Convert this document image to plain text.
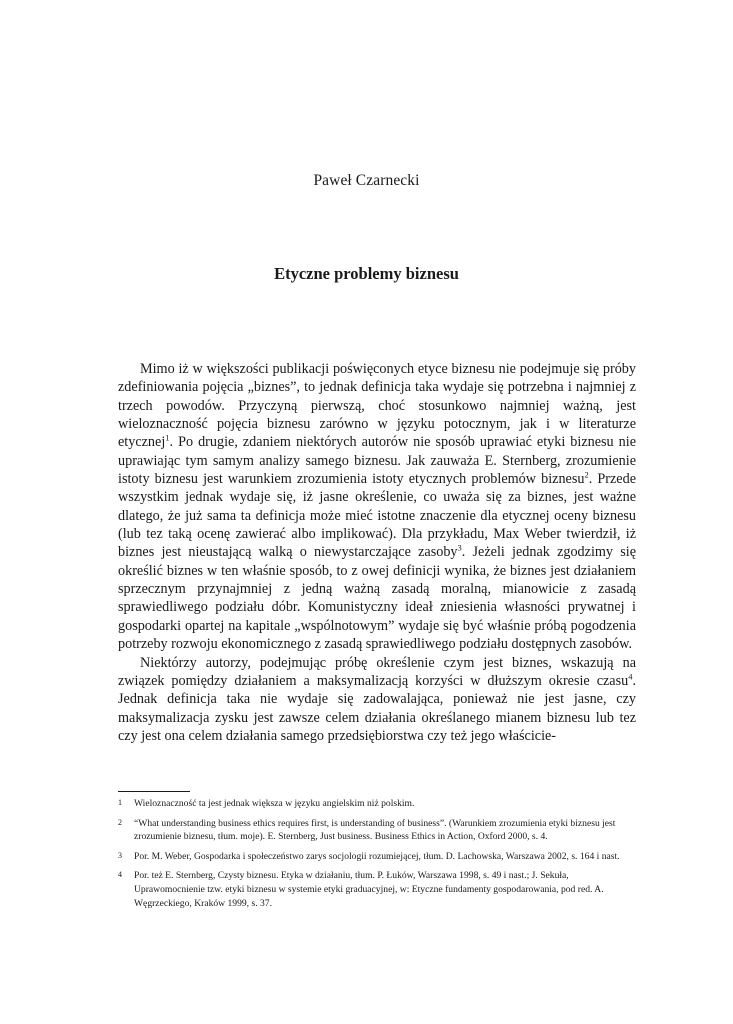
Paweł Czarnecki
Etyczne problemy biznesu

Mimo iż w większości publikacji poświęconych etyce biznesu nie podejmuje się próby zdefiniowania pojęcia „biznes”, to jednak definicja taka wydaje się potrzebna i najmniej z trzech powodów. Przyczyną pierwszą, choć stosunkowo najmniej ważną, jest wieloznaczność pojęcia biznesu zarówno w języku potocznym, jak i w literaturze etycznej$^1$. Po drugie, zdaniem niektórych autorów nie sposób uprawiać etyki biznesu nie uprawiając tym samym analizy samego biznesu. Jak zauważa E. Sternberg, zrozumienie istoty biznesu jest warunkiem zrozumienia istoty etycznych problemów biznesu$^2$. Przede wszystkim jednak wydaje się, iż jasne określenie, co uważa się za biznes, jest ważne dlatego, że już sama ta definicja może mieć istotne znaczenie dla etycznej oceny biznesu (lub tez taką ocenę zawierać albo implikować). Dla przykładu, Max Weber twierdził, iż biznes jest nieustającą walką o niewystarczające zasoby$^3$. Jeżeli jednak zgodzimy się określić biznes w ten właśnie sposób, to z owej definicji wynika, że biznes jest działaniem sprzecznym przynajmniej z jedną ważną zasadą moralną, mianowicie z zasadą sprawiedliwego podziału dóbr. Komunistyczny ideał zniesienia własności prywatnej i gospodarki opartej na kapitale „wspólnotowym” wydaje się być właśnie próbą pogodzenia potrzeby rozwoju ekonomicznego z zasadą sprawiedliwego podziału dostępnych zasobów.

Niektórzy autorzy, podejmując próbę określenie czym jest biznes, wskazują na związek pomiędzy działaniem a maksymalizacją korzyści w dłuższym okresie czasu$^4$. Jednak definicja taka nie wydaje się zadowalająca, ponieważ nie jest jasne, czy maksymalizacja zysku jest zawsze celem działania określanego mianem biznesu lub tez czy jest ona celem działania samego przedsiębiorstwa czy też jego właścicie-

1	Wieloznaczność ta jest jednak większa w języku angielskim niż polskim.
2	“What understanding business ethics requires first, is understanding of business”. (Warunkiem zrozumienia etyki biznesu jest zrozumienie biznesu, tłum. moje). E. Sternberg, Just business. Business Ethics in Action, Oxford 2000, s. 4.
3	Por. M. Weber, Gospodarka i społeczeństwo zarys socjologii rozumiejącej, tłum. D. Lachowska, Warszawa 2002, s. 164 i nast.
4	Por. też E. Sternberg, Czysty biznesu. Etyka w działaniu, tłum. P. Łuków, Warszawa 1998, s. 49 i nast.; J. Sekuła, Uprawomocnienie tzw. etyki biznesu w systemie etyki graduacyjnej, w: Etyczne fundamenty gospodarowania, pod red. A. Węgrzeckiego, Kraków 1999, s. 37.
